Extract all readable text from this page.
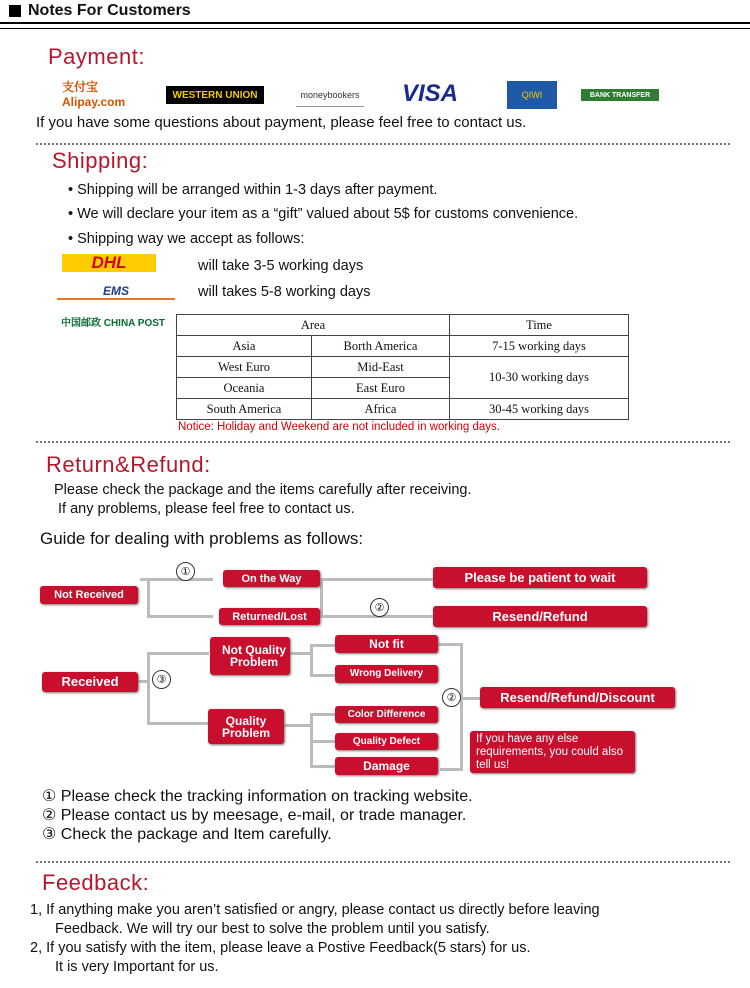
Notes For Customers
Payment:
支付宝 Alipay.com	WESTERN UNION	moneybookers	VISA	QIWI	BANK TRANSFER
If you have some questions about payment, please feel free to contact us.
Shipping:
• Shipping will be arranged within 1-3 days after payment.
• We will declare your item as a “gift” valued about 5$ for customs convenience.
• Shipping way we accept as follows:
DHL	will take 3-5 working days
EMS	will takes 5-8 working days
中国邮政 CHINA POST	Area		Time
Asia	Borth America	7-15 working days
West Euro	Mid-East	10-30 working days
Oceania	East Euro	
South America	Africa	30-45 working days
Notice: Holiday and Weekend are not included in working days.
Return&Refund:
Please check the package and the items carefully after receiving.
If any problems, please feel free to contact us.
Guide for dealing with problems as follows:
①
②
③
②
Not Received
On the Way
Returned/Lost
Please be patient to wait
Resend/Refund
Received
Not Quality Problem
Quality Problem
Not fit
Wrong Delivery
Color Difference
Quality Defect
Damage
Resend/Refund/Discount
If you have any else requirements, you could also tell us!
① Please check the tracking information on tracking website.
② Please contact us by meesage, e-mail, or trade manager.
③ Check the package and Item carefully.
Feedback:
1, If anything make you aren’t satisfied or angry, please contact us directly before leaving
Feedback. We will try our best to solve the problem until you satisfy.
2, If you satisfy with the item, please leave a Postive Feedback(5 stars) for us.
It is very Important for us.
